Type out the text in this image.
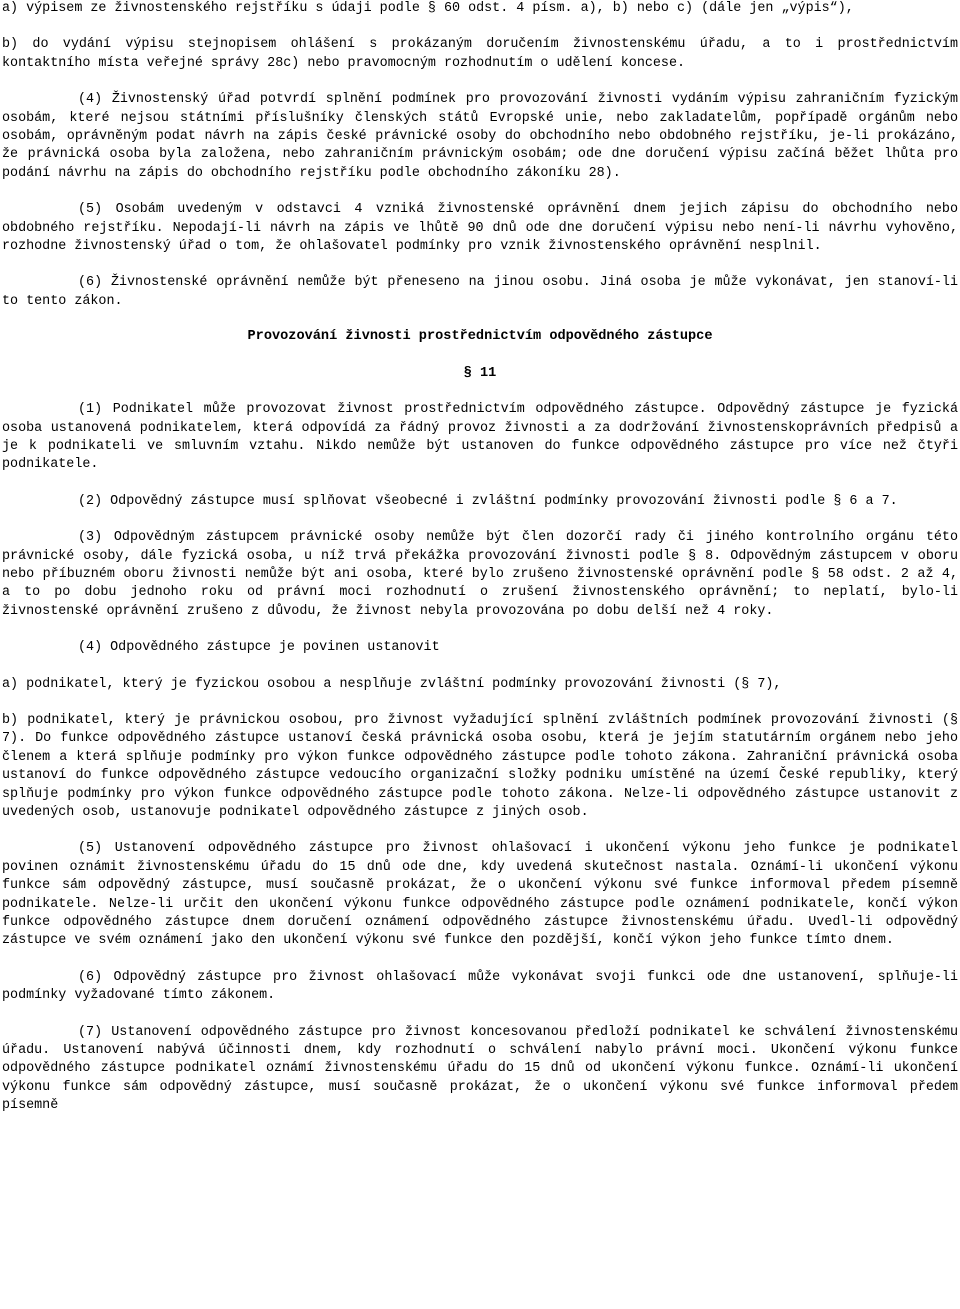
a) výpisem ze živnostenského rejstříku s údaji podle § 60 odst. 4 písm. a), b) nebo c) (dále jen „výpis“),

b) do vydání výpisu stejnopisem ohlášení s prokázaným doručením živnostenskému úřadu, a to i prostřednictvím kontaktního místa veřejné správy 28c) nebo pravomocným rozhodnutím o udělení koncese.

(4) Živnostenský úřad potvrdí splnění podmínek pro provozování živnosti vydáním výpisu zahraničním fyzickým osobám, které nejsou státními příslušníky členských států Evropské unie, nebo zakladatelům, popřípadě orgánům nebo osobám, oprávněným podat návrh na zápis české právnické osoby do obchodního nebo obdobného rejstříku, je-li prokázáno, že právnická osoba byla založena, nebo zahraničním právnickým osobám; ode dne doručení výpisu začíná běžet lhůta pro podání návrhu na zápis do obchodního rejstříku podle obchodního zákoníku 28).

(5) Osobám uvedeným v odstavci 4 vzniká živnostenské oprávnění dnem jejich zápisu do obchodního nebo obdobného rejstříku. Nepodají-li návrh na zápis ve lhůtě 90 dnů ode dne doručení výpisu nebo není-li návrhu vyhověno, rozhodne živnostenský úřad o tom, že ohlašovatel podmínky pro vznik živnostenského oprávnění nesplnil.

(6) Živnostenské oprávnění nemůže být přeneseno na jinou osobu. Jiná osoba je může vykonávat, jen stanoví-li to tento zákon.

Provozování živnosti prostřednictvím odpovědného zástupce

§ 11

(1) Podnikatel může provozovat živnost prostřednictvím odpovědného zástupce. Odpovědný zástupce je fyzická osoba ustanovená podnikatelem, která odpovídá za řádný provoz živnosti a za dodržování živnostenskoprávních předpisů a je k podnikateli ve smluvním vztahu. Nikdo nemůže být ustanoven do funkce odpovědného zástupce pro více než čtyři podnikatele.

(2) Odpovědný zástupce musí splňovat všeobecné i zvláštní podmínky provozování živnosti podle § 6 a 7.

(3) Odpovědným zástupcem právnické osoby nemůže být člen dozorčí rady či jiného kontrolního orgánu této právnické osoby, dále fyzická osoba, u níž trvá překážka provozování živnosti podle § 8. Odpovědným zástupcem v oboru nebo příbuzném oboru živnosti nemůže být ani osoba, které bylo zrušeno živnostenské oprávnění podle § 58 odst. 2 až 4, a to po dobu jednoho roku od právní moci rozhodnutí o zrušení živnostenského oprávnění; to neplatí, bylo-li živnostenské oprávnění zrušeno z důvodu, že živnost nebyla provozována po dobu delší než 4 roky.

(4) Odpovědného zástupce je povinen ustanovit

a) podnikatel, který je fyzickou osobou a nesplňuje zvláštní podmínky provozování živnosti (§ 7),

b) podnikatel, který je právnickou osobou, pro živnost vyžadující splnění zvláštních podmínek provozování živnosti (§ 7). Do funkce odpovědného zástupce ustanoví česká právnická osoba osobu, která je jejím statutárním orgánem nebo jeho členem a která splňuje podmínky pro výkon funkce odpovědného zástupce podle tohoto zákona. Zahraniční právnická osoba ustanoví do funkce odpovědného zástupce vedoucího organizační složky podniku umístěné na území České republiky, který splňuje podmínky pro výkon funkce odpovědného zástupce podle tohoto zákona. Nelze-li odpovědného zástupce ustanovit z uvedených osob, ustanovuje podnikatel odpovědného zástupce z jiných osob.

(5) Ustanovení odpovědného zástupce pro živnost ohlašovací i ukončení výkonu jeho funkce je podnikatel povinen oznámit živnostenskému úřadu do 15 dnů ode dne, kdy uvedená skutečnost nastala. Oznámí-li ukončení výkonu funkce sám odpovědný zástupce, musí současně prokázat, že o ukončení výkonu své funkce informoval předem písemně podnikatele. Nelze-li určit den ukončení výkonu funkce odpovědného zástupce podle oznámení podnikatele, končí výkon funkce odpovědného zástupce dnem doručení oznámení odpovědného zástupce živnostenskému úřadu. Uvedl-li odpovědný zástupce ve svém oznámení jako den ukončení výkonu své funkce den pozdější, končí výkon jeho funkce tímto dnem.

(6) Odpovědný zástupce pro živnost ohlašovací může vykonávat svoji funkci ode dne ustanovení, splňuje-li podmínky vyžadované tímto zákonem.

(7) Ustanovení odpovědného zástupce pro živnost koncesovanou předloží podnikatel ke schválení živnostenskému úřadu. Ustanovení nabývá účinnosti dnem, kdy rozhodnutí o schválení nabylo právní moci. Ukončení výkonu funkce odpovědného zástupce podnikatel oznámí živnostenskému úřadu do 15 dnů od ukončení výkonu funkce. Oznámí-li ukončení výkonu funkce sám odpovědný zástupce, musí současně prokázat, že o ukončení výkonu své funkce informoval předem písemně
